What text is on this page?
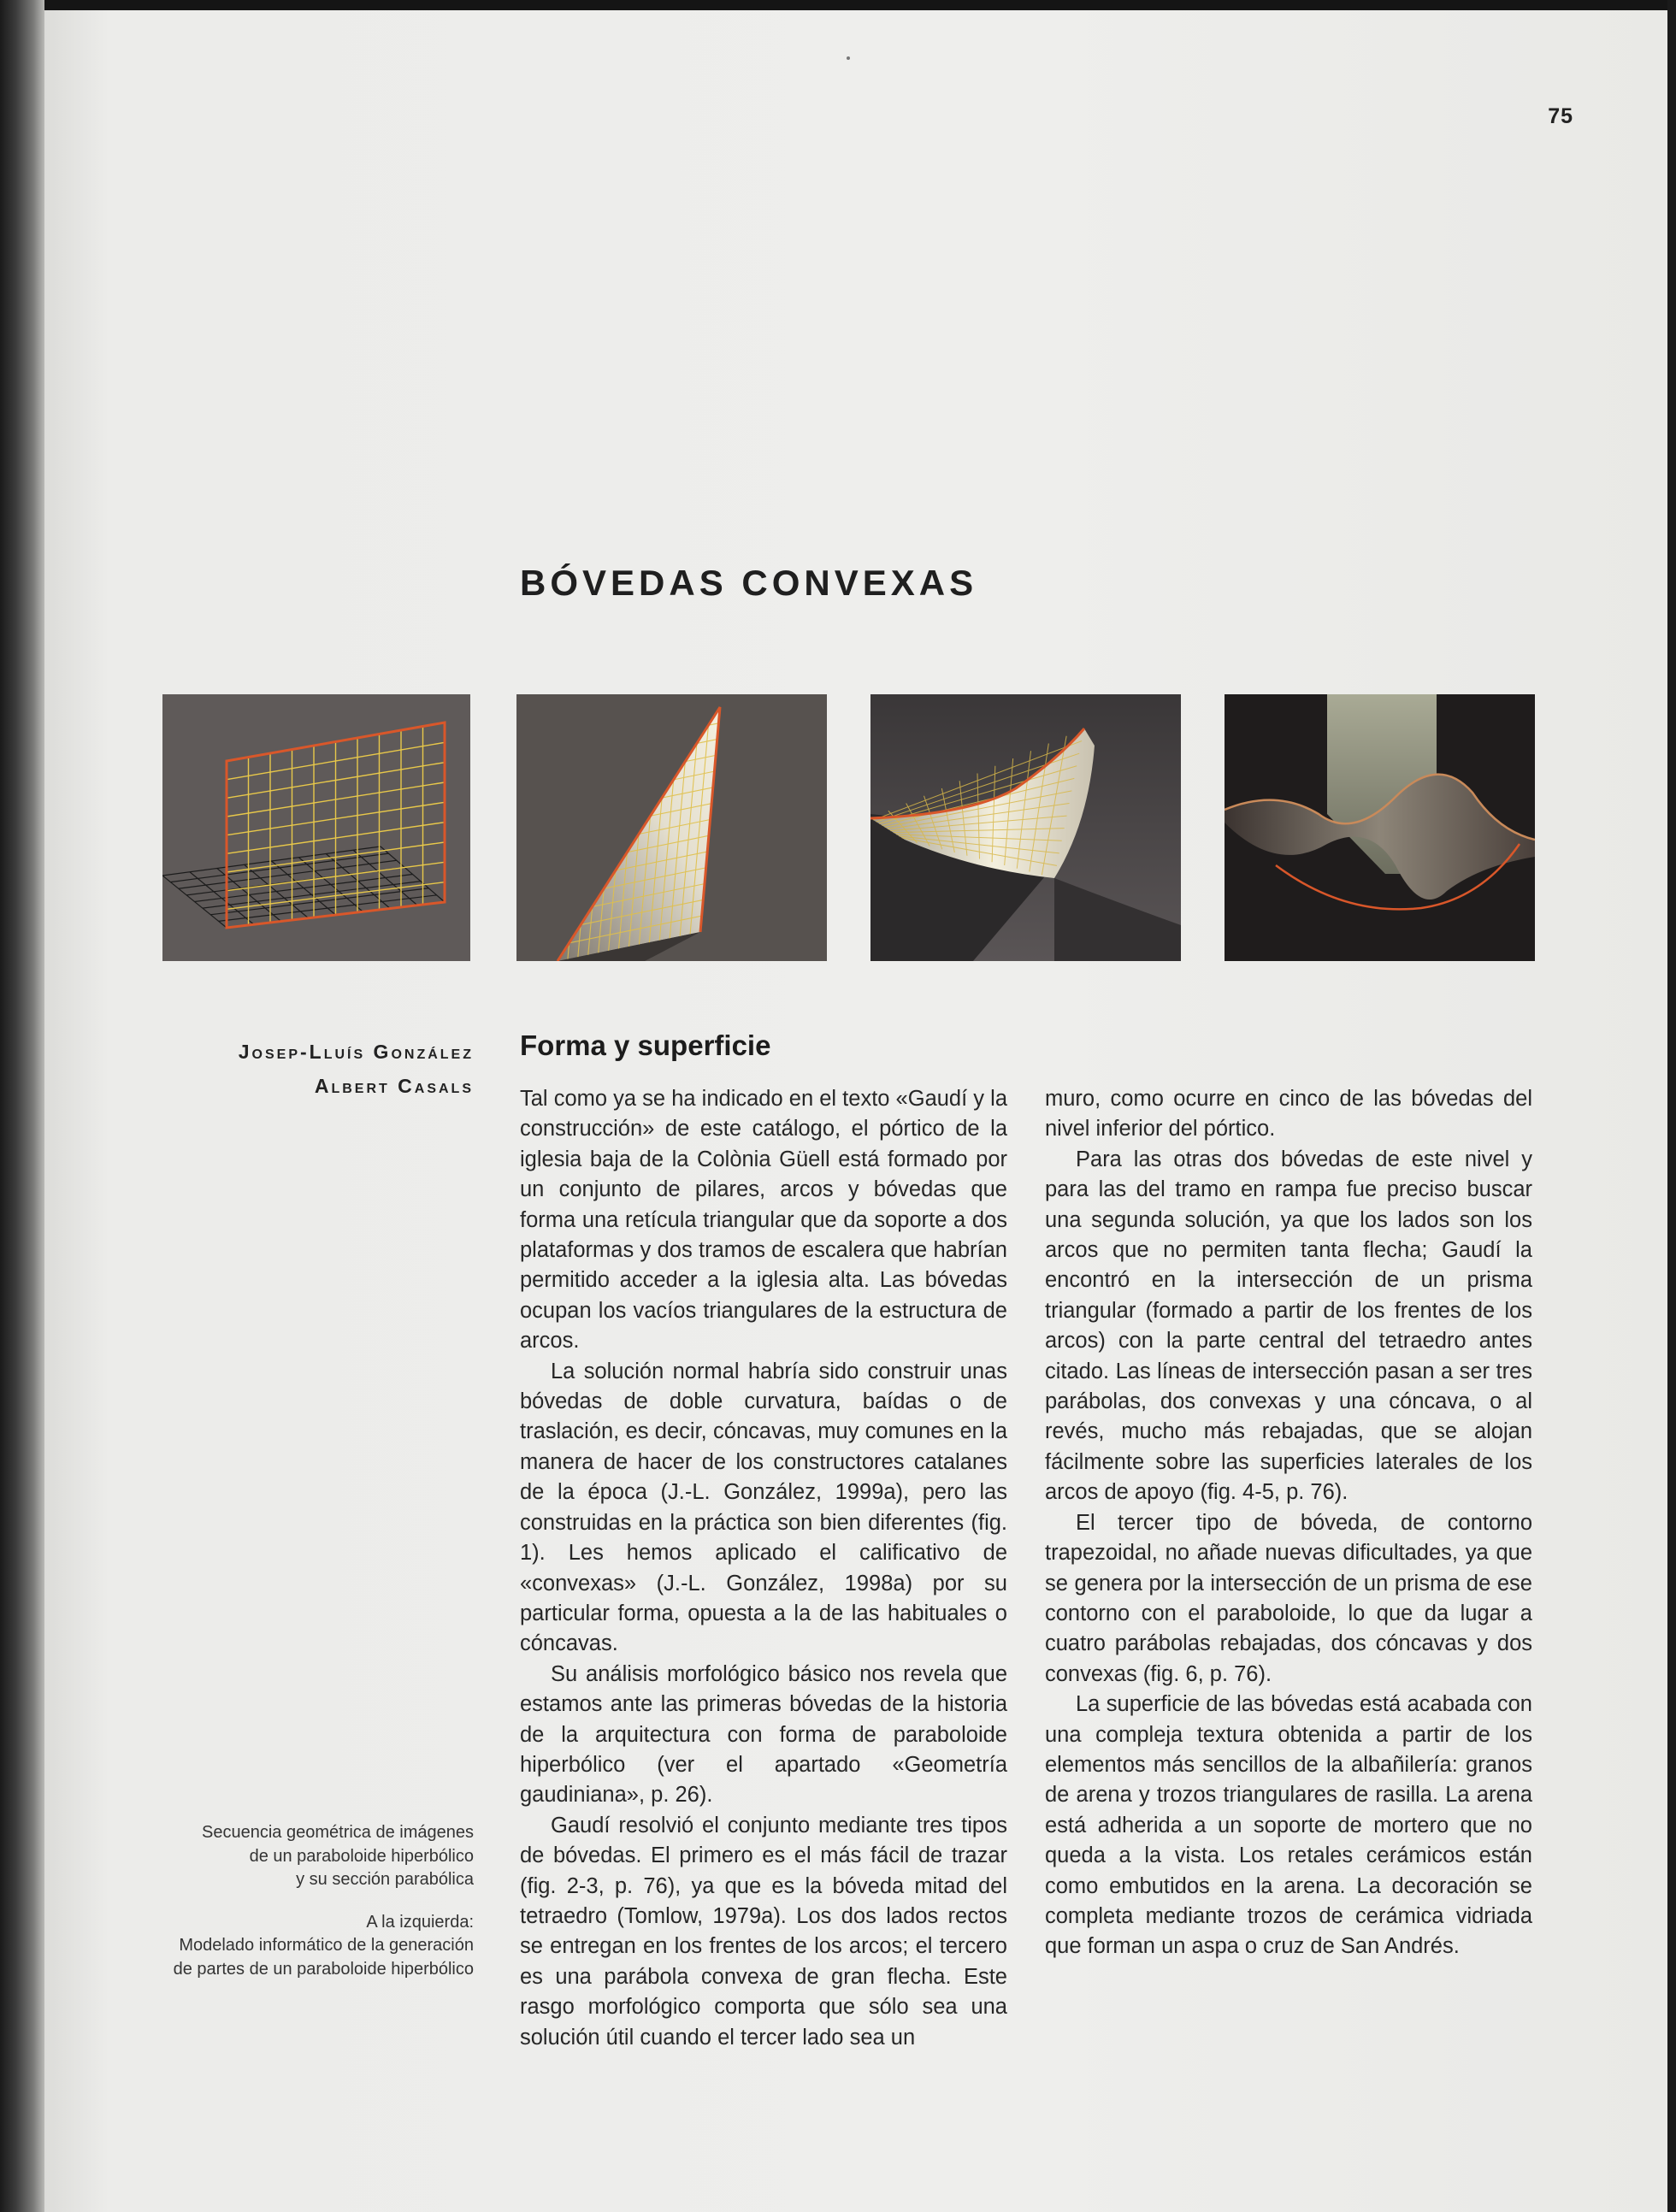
75
BÓVEDAS CONVEXAS
Josep-Lluís González
Albert Casals
Forma y superficie

Tal como ya se ha indicado en el texto «Gaudí y la construcción» de este catálogo, el pórtico de la iglesia baja de la Colònia Güell está formado por un conjunto de pilares, arcos y bóvedas que forma una retícula triangular que da soporte a dos plataformas y dos tramos de escalera que habrían permitido acceder a la iglesia alta. Las bóvedas ocupan los vacíos triangulares de la estructura de arcos.

La solución normal habría sido construir unas bóvedas de doble curvatura, baídas o de traslación, es decir, cóncavas, muy comunes en la manera de hacer de los constructores catalanes de la época (J.-L. González, 1999a), pero las construidas en la práctica son bien diferentes (fig. 1). Les hemos aplicado el calificativo de «convexas» (J.-L. González, 1998a) por su particular forma, opuesta a la de las habituales o cóncavas.

Su análisis morfológico básico nos revela que estamos ante las primeras bóvedas de la historia de la arquitectura con forma de paraboloide hiperbólico (ver el apartado «Geometría gaudiniana», p. 26).

Gaudí resolvió el conjunto mediante tres tipos de bóvedas. El primero es el más fácil de trazar (fig. 2-3, p. 76), ya que es la bóveda mitad del tetraedro (Tomlow, 1979a). Los dos lados rectos se entregan en los frentes de los arcos; el tercero es una parábola convexa de gran flecha. Este rasgo morfológico comporta que sólo sea una solución útil cuando el tercer lado sea un

muro, como ocurre en cinco de las bóvedas del nivel inferior del pórtico.

Para las otras dos bóvedas de este nivel y para las del tramo en rampa fue preciso buscar una segunda solución, ya que los lados son los arcos que no permiten tanta flecha; Gaudí la encontró en la intersección de un prisma triangular (formado a partir de los frentes de los arcos) con la parte central del tetraedro antes citado. Las líneas de intersección pasan a ser tres parábolas, dos convexas y una cóncava, o al revés, mucho más rebajadas, que se alojan fácilmente sobre las superficies laterales de los arcos de apoyo (fig. 4-5, p. 76).

El tercer tipo de bóveda, de contorno trapezoidal, no añade nuevas dificultades, ya que se genera por la intersección de un prisma de ese contorno con el paraboloide, lo que da lugar a cuatro parábolas rebajadas, dos cóncavas y dos convexas (fig. 6, p. 76).

La superficie de las bóvedas está acabada con una compleja textura obtenida a partir de los elementos más sencillos de la albañilería: granos de arena y trozos triangulares de rasilla. La arena está adherida a un soporte de mortero que no queda a la vista. Los retales cerámicos están como embutidos en la arena. La decoración se completa mediante trozos de cerámica vidriada que forman un aspa o cruz de San Andrés.

Secuencia geométrica de imágenes
de un paraboloide hiperbólico
y su sección parabólica
A la izquierda:
Modelado informático de la generación
de partes de un paraboloide hiperbólico
